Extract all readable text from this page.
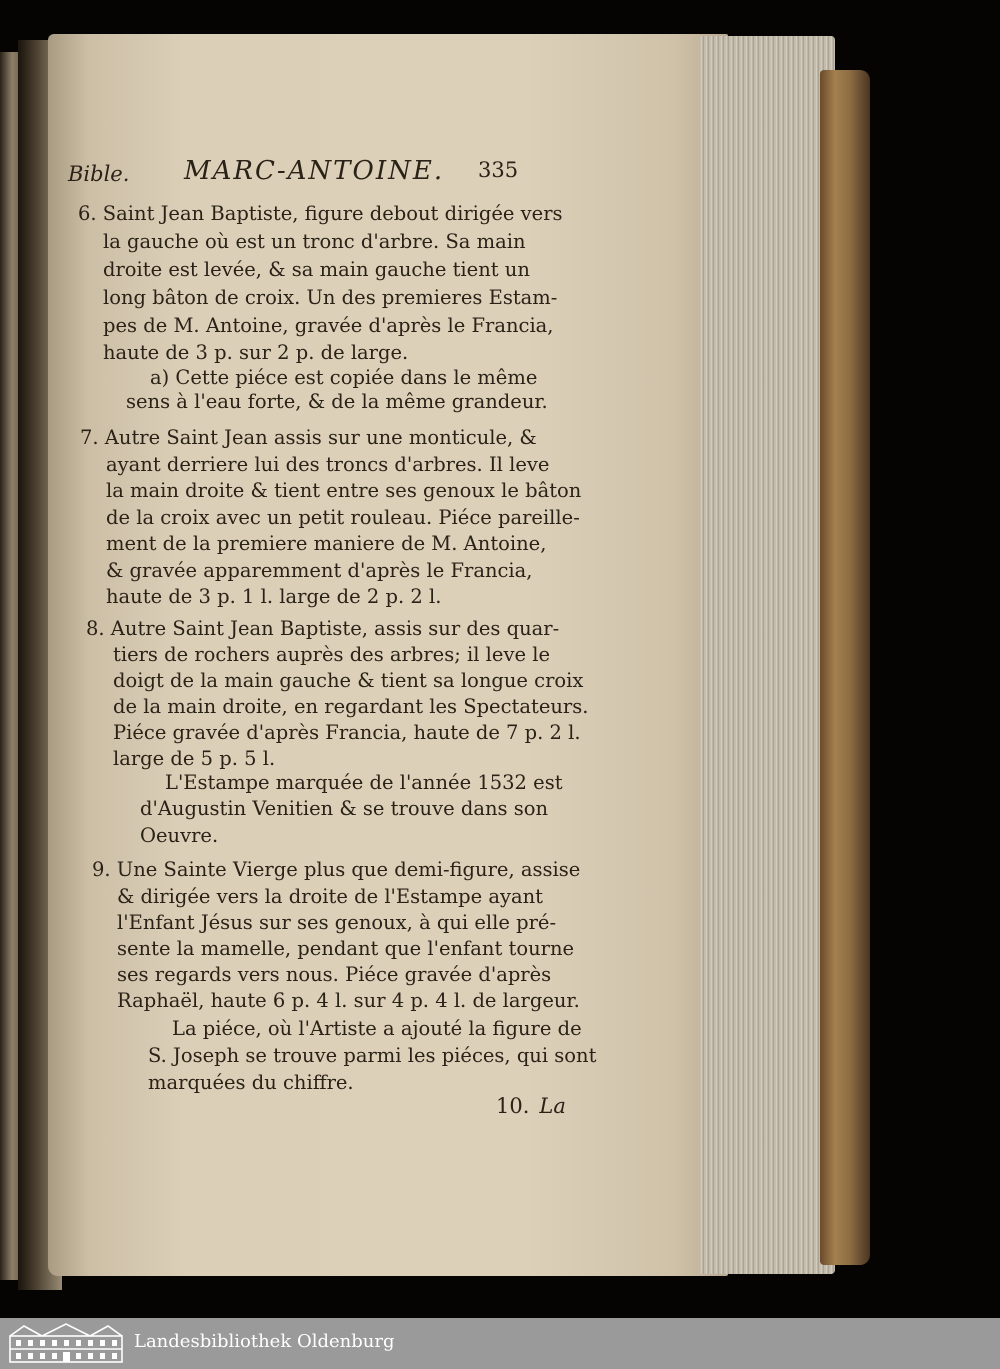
Bible. MARC-ANTOINE. 335
6. Saint Jean Baptiste, figure debout dirigée vers
la gauche où est un tronc d'arbre. Sa main
droite est levée, & sa main gauche tient un
long bâton de croix. Un des premieres Estam-
pes de M. Antoine, gravée d'après le Francia,
haute de 3 p. sur 2 p. de large.
a) Cette piéce est copiée dans le même
sens à l'eau forte, & de la même grandeur.
7. Autre Saint Jean assis sur une monticule, &
ayant derriere lui des troncs d'arbres. Il leve
la main droite & tient entre ses genoux le bâton
de la croix avec un petit rouleau. Piéce pareille-
ment de la premiere maniere de M. Antoine,
& gravée apparemment d'après le Francia,
haute de 3 p. 1 l. large de 2 p. 2 l.
8. Autre Saint Jean Baptiste, assis sur des quar-
tiers de rochers auprès des arbres; il leve le
doigt de la main gauche & tient sa longue croix
de la main droite, en regardant les Spectateurs.
Piéce gravée d'après Francia, haute de 7 p. 2 l.
large de 5 p. 5 l.
L'Estampe marquée de l'année 1532 est
d'Augustin Venitien & se trouve dans son
Oeuvre.
9. Une Sainte Vierge plus que demi-figure, assise
& dirigée vers la droite de l'Estampe ayant
l'Enfant Jésus sur ses genoux, à qui elle pré-
sente la mamelle, pendant que l'enfant tourne
ses regards vers nous. Piéce gravée d'après
Raphaël, haute 6 p. 4 l. sur 4 p. 4 l. de largeur.
La piéce, où l'Artiste a ajouté la figure de
S. Joseph se trouve parmi les piéces, qui sont
marquées du chiffre.
10. La
Landesbibliothek Oldenburg
